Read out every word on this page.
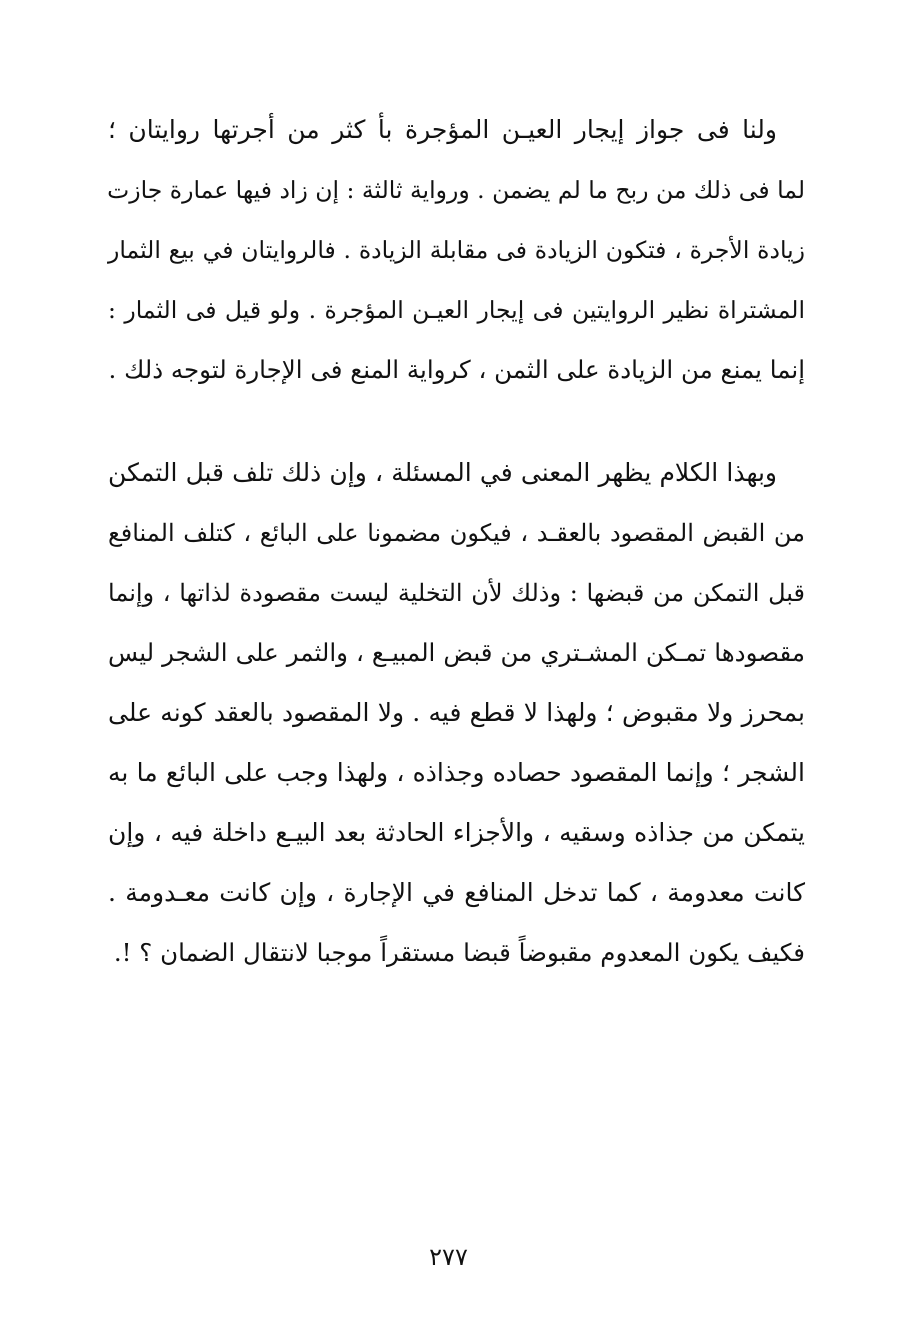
ولنا فى جواز إيجار العيـن المؤجرة بأ كثر من أجرتها روايتان ؛
لما فى ذلك من ربح ما لم يضمن . ورواية ثالثة : إن زاد فيها عمارة جازت
زيادة الأجرة ، فتكون الزيادة فى مقابلة الزيادة . فالروايتان في بيع الثمار
المشتراة نظير الروايتين فى إيجار العيـن المؤجرة . ولو قيل فى الثمار :
إنما يمنع من الزيادة على الثمن ، كرواية المنع فى الإجارة لتوجه ذلك .
وبهذا الكلام يظهر المعنى في المسئلة ، وإن ذلك تلف قبل التمكن
من القبض المقصود بالعقـد ، فيكون مضمونا على البائع ، كتلف المنافع
قبل التمكن من قبضها : وذلك لأن التخلية ليست مقصودة لذاتها ، وإنما
مقصودها تمـكن المشـتري من قبض المبيـع ، والثمر على الشجر ليس
بمحرز ولا مقبوض ؛ ولهذا لا قطع فيه . ولا المقصود بالعقد كونه على
الشجر ؛ وإنما المقصود حصاده وجذاذه ، ولهذا وجب على البائع ما به
يتمكن من جذاذه وسقيه ، والأجزاء الحادثة بعد البيـع داخلة فيه ، وإن
كانت معدومة ، كما تدخل المنافع في الإجارة ، وإن كانت معـدومة .
فكيف يكون المعدوم مقبوضاً قبضا مستقراً موجبا لانتقال الضمان ؟ !.
٢٧٧
